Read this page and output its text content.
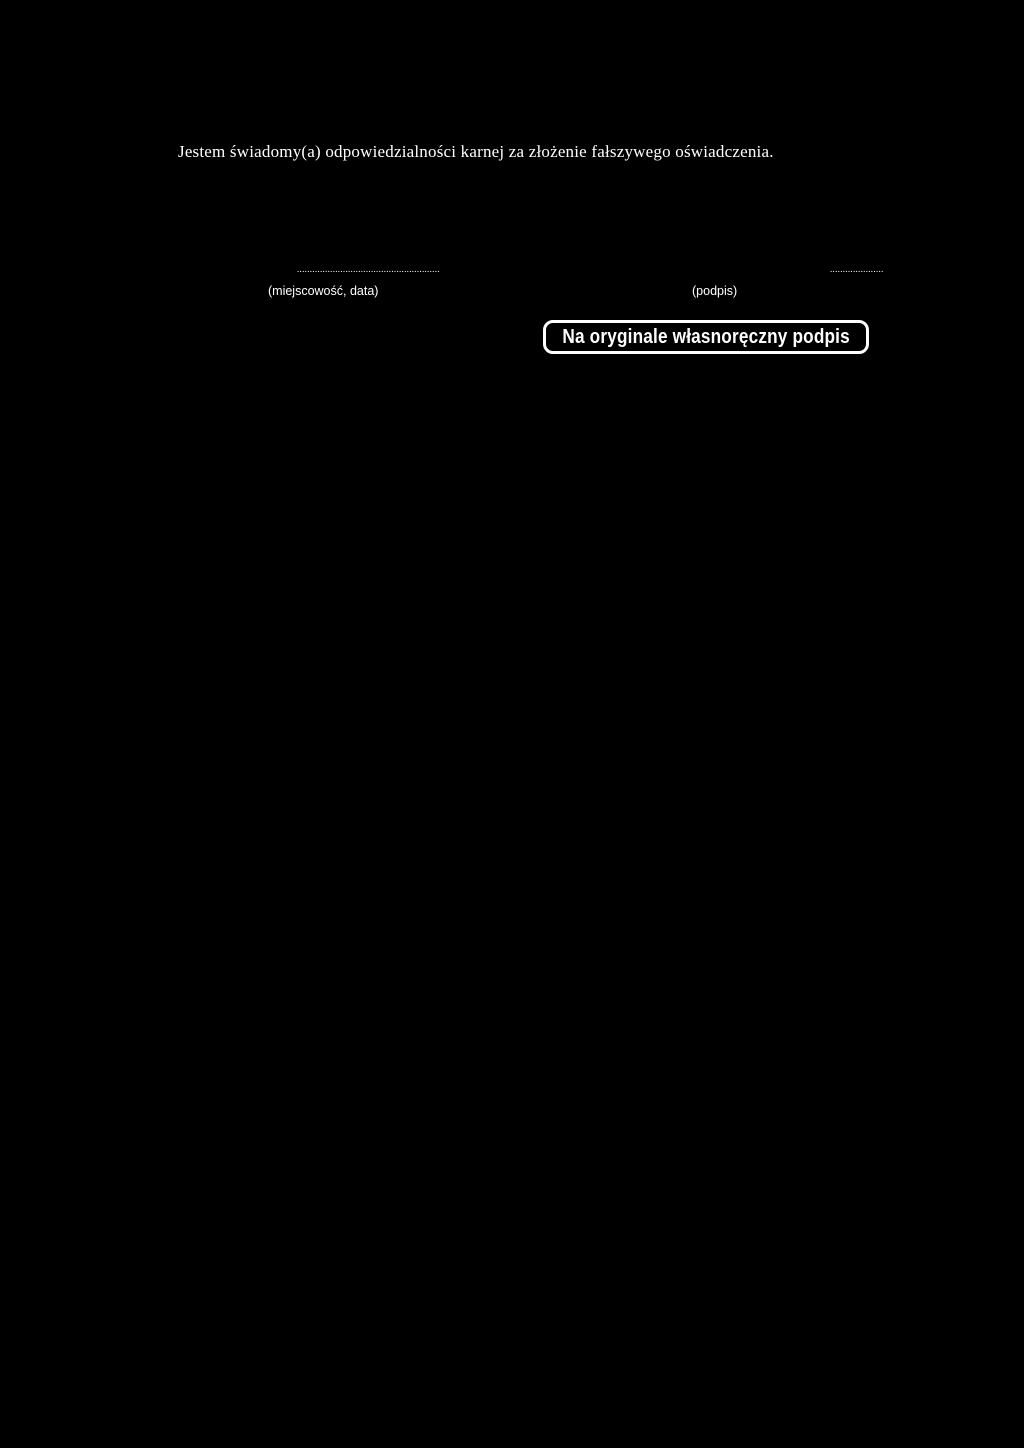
Jestem świadomy(a) odpowiedzialności karnej za złożenie fałszywego oświadczenia.
........................................................
(miejscowość, data)
.....................
(podpis)
Na oryginale własnoręczny podpis
